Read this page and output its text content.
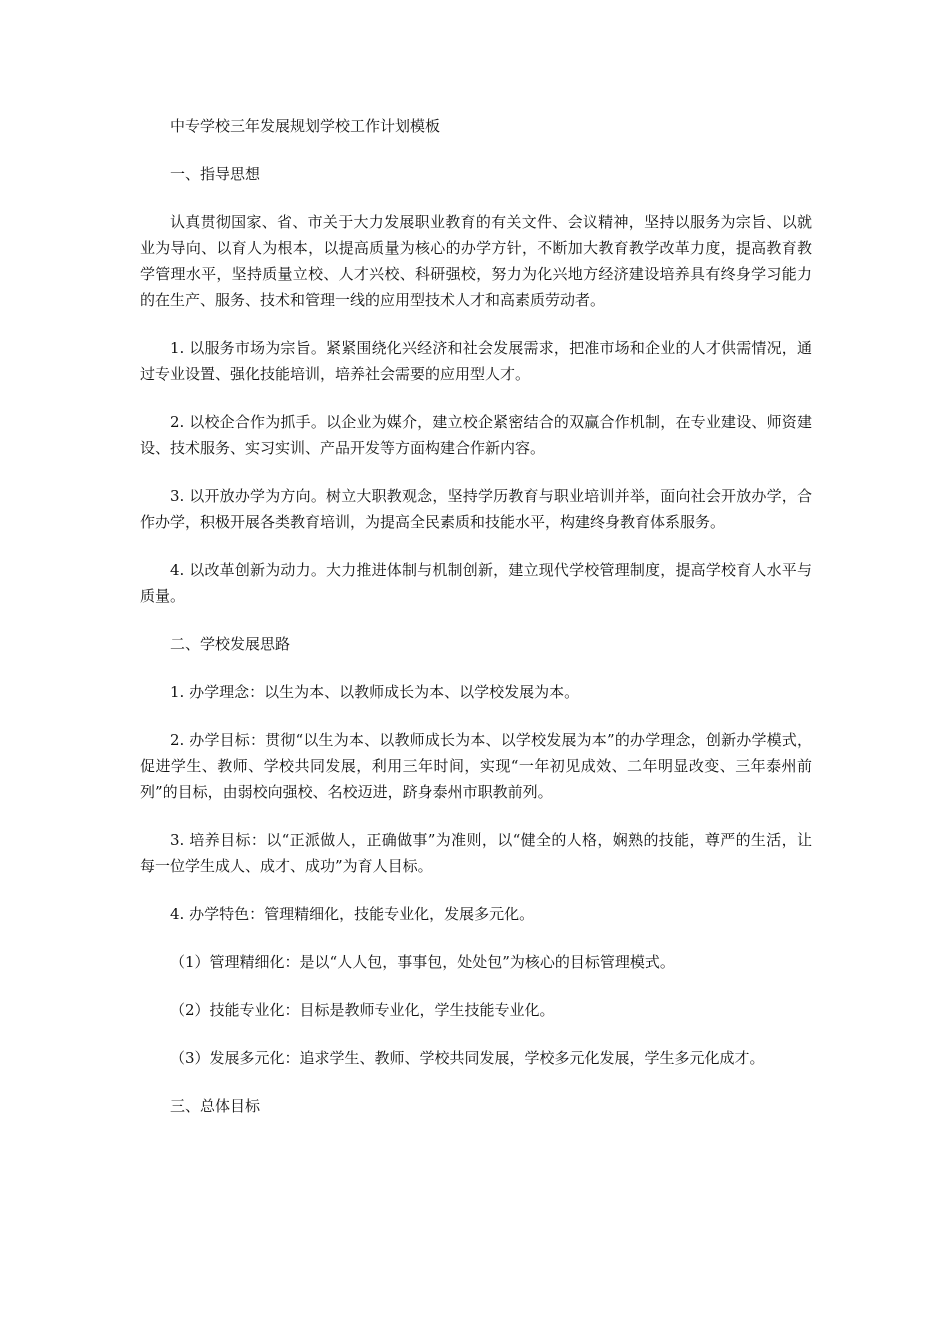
中专学校三年发展规划学校工作计划模板

一、指导思想

认真贯彻国家、省、市关于大力发展职业教育的有关文件、会议精神，坚持以服务为宗旨、以就业为导向、以育人为根本，以提高质量为核心的办学方针，不断加大教育教学改革力度，提高教育教学管理水平，坚持质量立校、人才兴校、科研强校，努力为化兴地方经济建设培养具有终身学习能力的在生产、服务、技术和管理一线的应用型技术人才和高素质劳动者。

1. 以服务市场为宗旨。紧紧围绕化兴经济和社会发展需求，把准市场和企业的人才供需情况，通过专业设置、强化技能培训，培养社会需要的应用型人才。

2. 以校企合作为抓手。以企业为媒介，建立校企紧密结合的双赢合作机制，在专业建设、师资建设、技术服务、实习实训、产品开发等方面构建合作新内容。

3. 以开放办学为方向。树立大职教观念，坚持学历教育与职业培训并举，面向社会开放办学，合作办学，积极开展各类教育培训，为提高全民素质和技能水平，构建终身教育体系服务。

4. 以改革创新为动力。大力推进体制与机制创新，建立现代学校管理制度，提高学校育人水平与质量。

二、学校发展思路

1. 办学理念：以生为本、以教师成长为本、以学校发展为本。

2. 办学目标：贯彻“以生为本、以教师成长为本、以学校发展为本”的办学理念，创新办学模式，促进学生、教师、学校共同发展，利用三年时间，实现“一年初见成效、二年明显改变、三年泰州前列”的目标，由弱校向强校、名校迈进，跻身泰州市职教前列。

3. 培养目标：以“正派做人，正确做事”为准则，以“健全的人格，娴熟的技能，尊严的生活，让每一位学生成人、成才、成功”为育人目标。

4. 办学特色：管理精细化，技能专业化，发展多元化。

（1）管理精细化：是以“人人包，事事包，处处包”为核心的目标管理模式。

（2）技能专业化：目标是教师专业化，学生技能专业化。

（3）发展多元化：追求学生、教师、学校共同发展，学校多元化发展，学生多元化成才。

三、总体目标
